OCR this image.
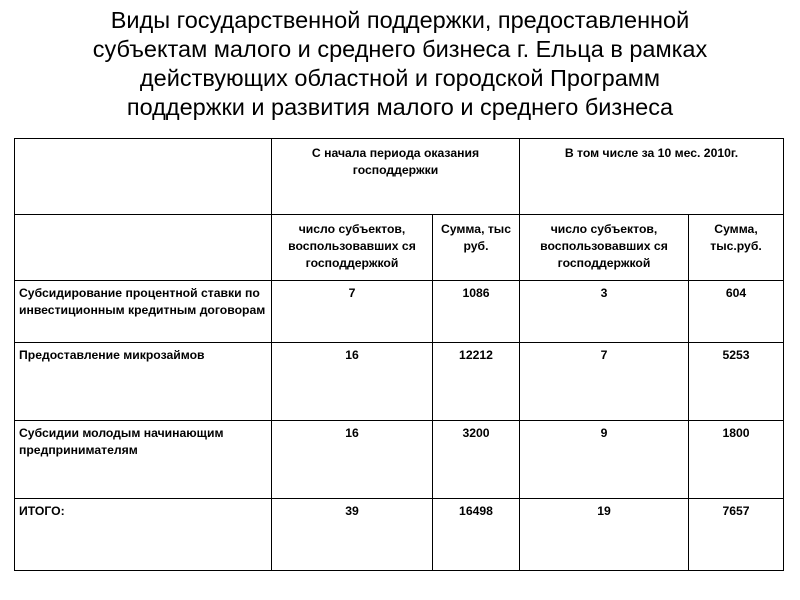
Виды государственной поддержки, предоставленной
субъектам малого и среднего бизнеса г. Ельца в рамках
действующих областной и городской Программ
поддержки и развития малого и среднего бизнеса
	С начала периода оказания господдержки		В том числе за 10 мес. 2010г.	
	число субъектов, воспользовавших ся господдержкой	Сумма, тыс руб.	число субъектов, воспользовавших ся господдержкой	Сумма, тыс.руб.
Субсидирование процентной ставки по инвестиционным кредитным договорам	7	1086	3	604
Предоставление микрозаймов	16	12212	7	5253
Субсидии молодым начинающим предпринимателям	16	3200	9	1800
ИТОГО:	39	16498	19	7657
